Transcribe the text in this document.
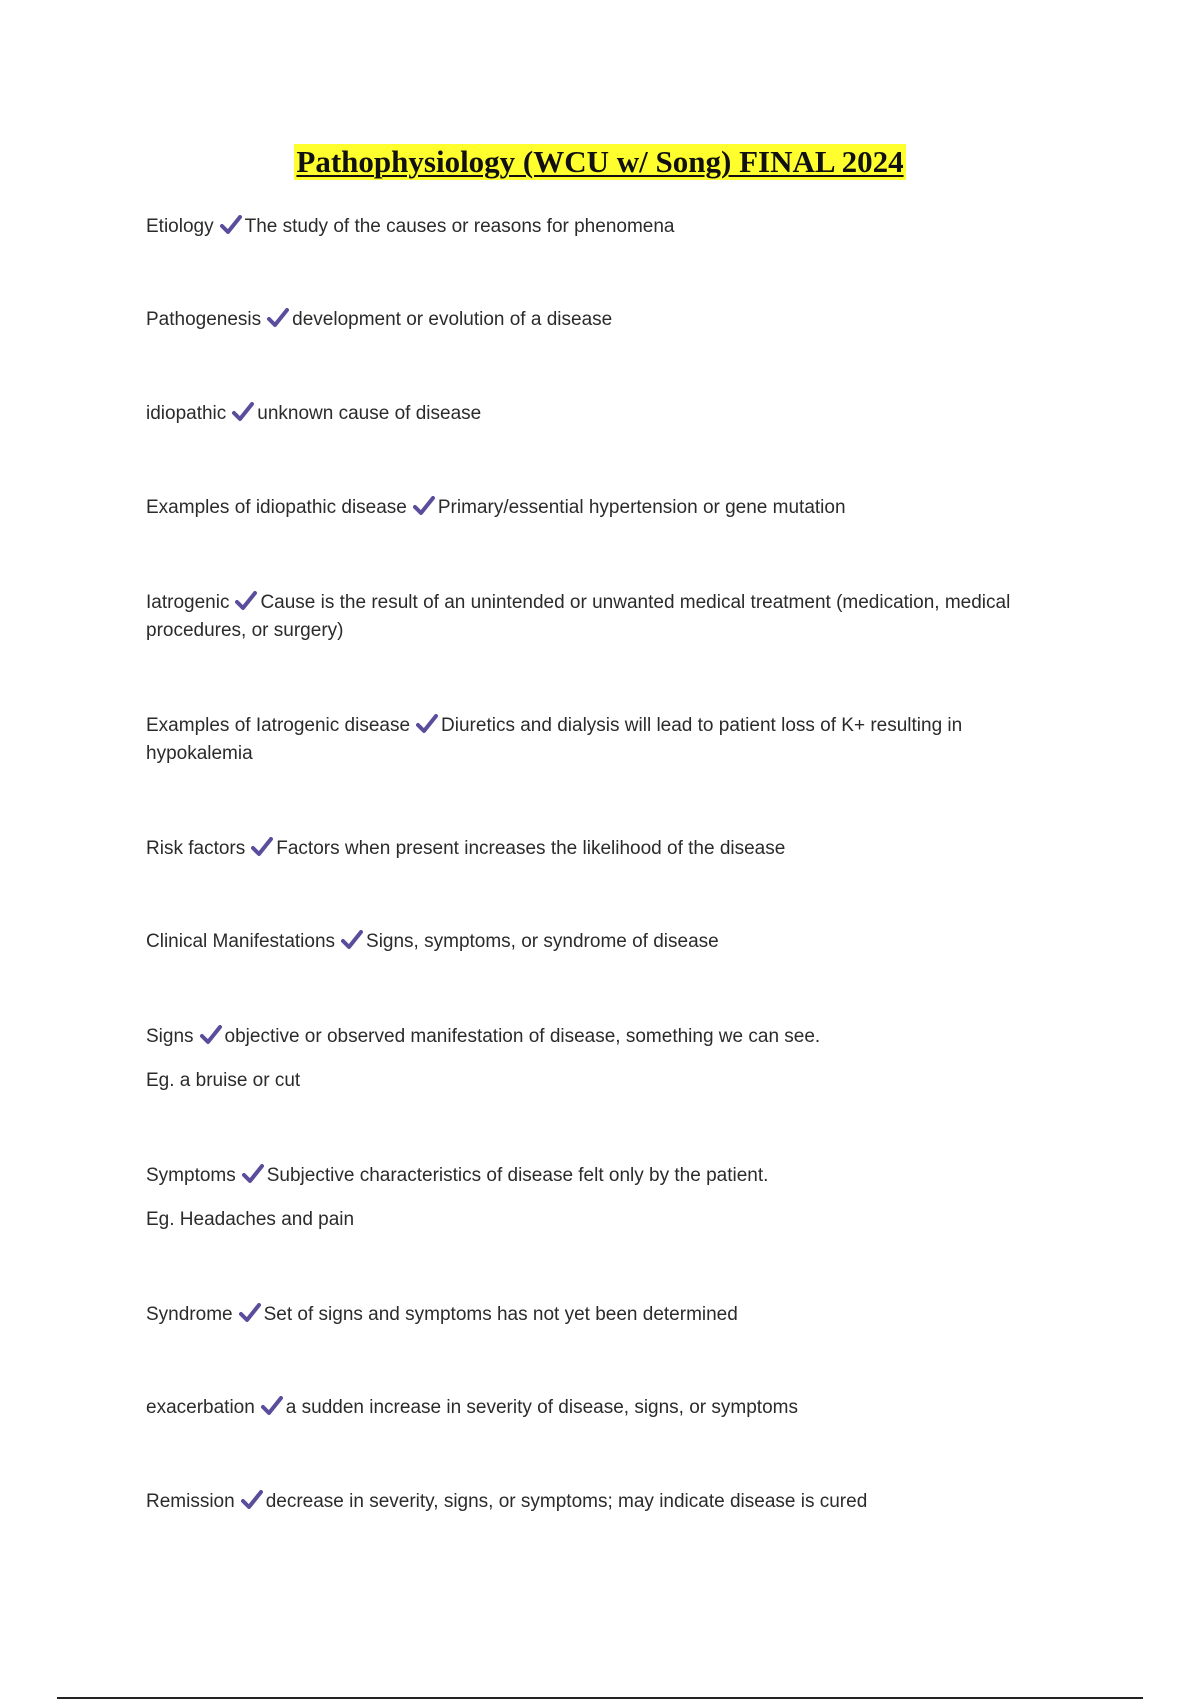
Pathophysiology (WCU w/ Song) FINAL 2024
Etiology The study of the causes or reasons for phenomena
Pathogenesis development or evolution of a disease
idiopathic unknown cause of disease
Examples of idiopathic disease Primary/essential hypertension or gene mutation
Iatrogenic Cause is the result of an unintended or unwanted medical treatment (medication, medical procedures, or surgery)
Examples of Iatrogenic disease Diuretics and dialysis will lead to patient loss of K+ resulting in hypokalemia
Risk factors Factors when present increases the likelihood of the disease
Clinical Manifestations Signs, symptoms, or syndrome of disease
Signs objective or observed manifestation of disease, something we can see.
Eg. a bruise or cut
Symptoms Subjective characteristics of disease felt only by the patient.
Eg. Headaches and pain
Syndrome Set of signs and symptoms has not yet been determined
exacerbation a sudden increase in severity of disease, signs, or symptoms
Remission decrease in severity, signs, or symptoms; may indicate disease is cured
